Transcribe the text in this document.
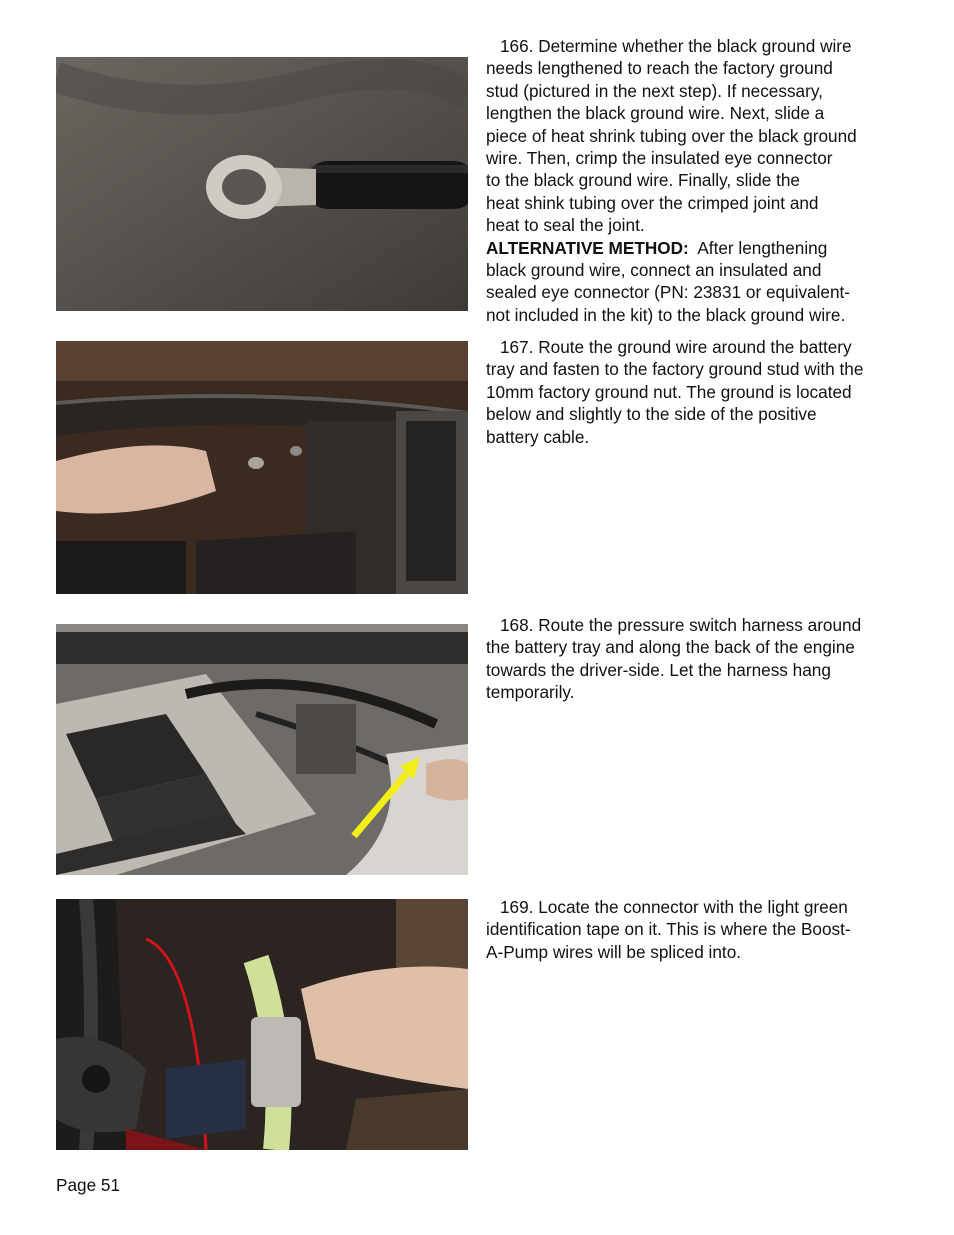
166. Determine whether the black ground wire
needs lengthened to reach the factory ground
stud (pictured in the next step). If necessary,
lengthen the black ground wire. Next, slide a
piece of heat shrink tubing over the black ground
wire. Then, crimp the insulated eye connector
to the black ground wire. Finally, slide the
heat shink tubing over the crimped joint and
heat to seal the joint.
ALTERNATIVE METHOD: After lengthening
black ground wire, connect an insulated and
sealed eye connector (PN: 23831 or equivalent-
not included in the kit) to the black ground wire.
167. Route the ground wire around the battery
tray and fasten to the factory ground stud with the
10mm factory ground nut. The ground is located
below and slightly to the side of the positive
battery cable.
168. Route the pressure switch harness around
the battery tray and along the back of the engine
towards the driver-side. Let the harness hang
temporarily.
169. Locate the connector with the light green
identification tape on it. This is where the Boost-
A-Pump wires will be spliced into.
Page 51
